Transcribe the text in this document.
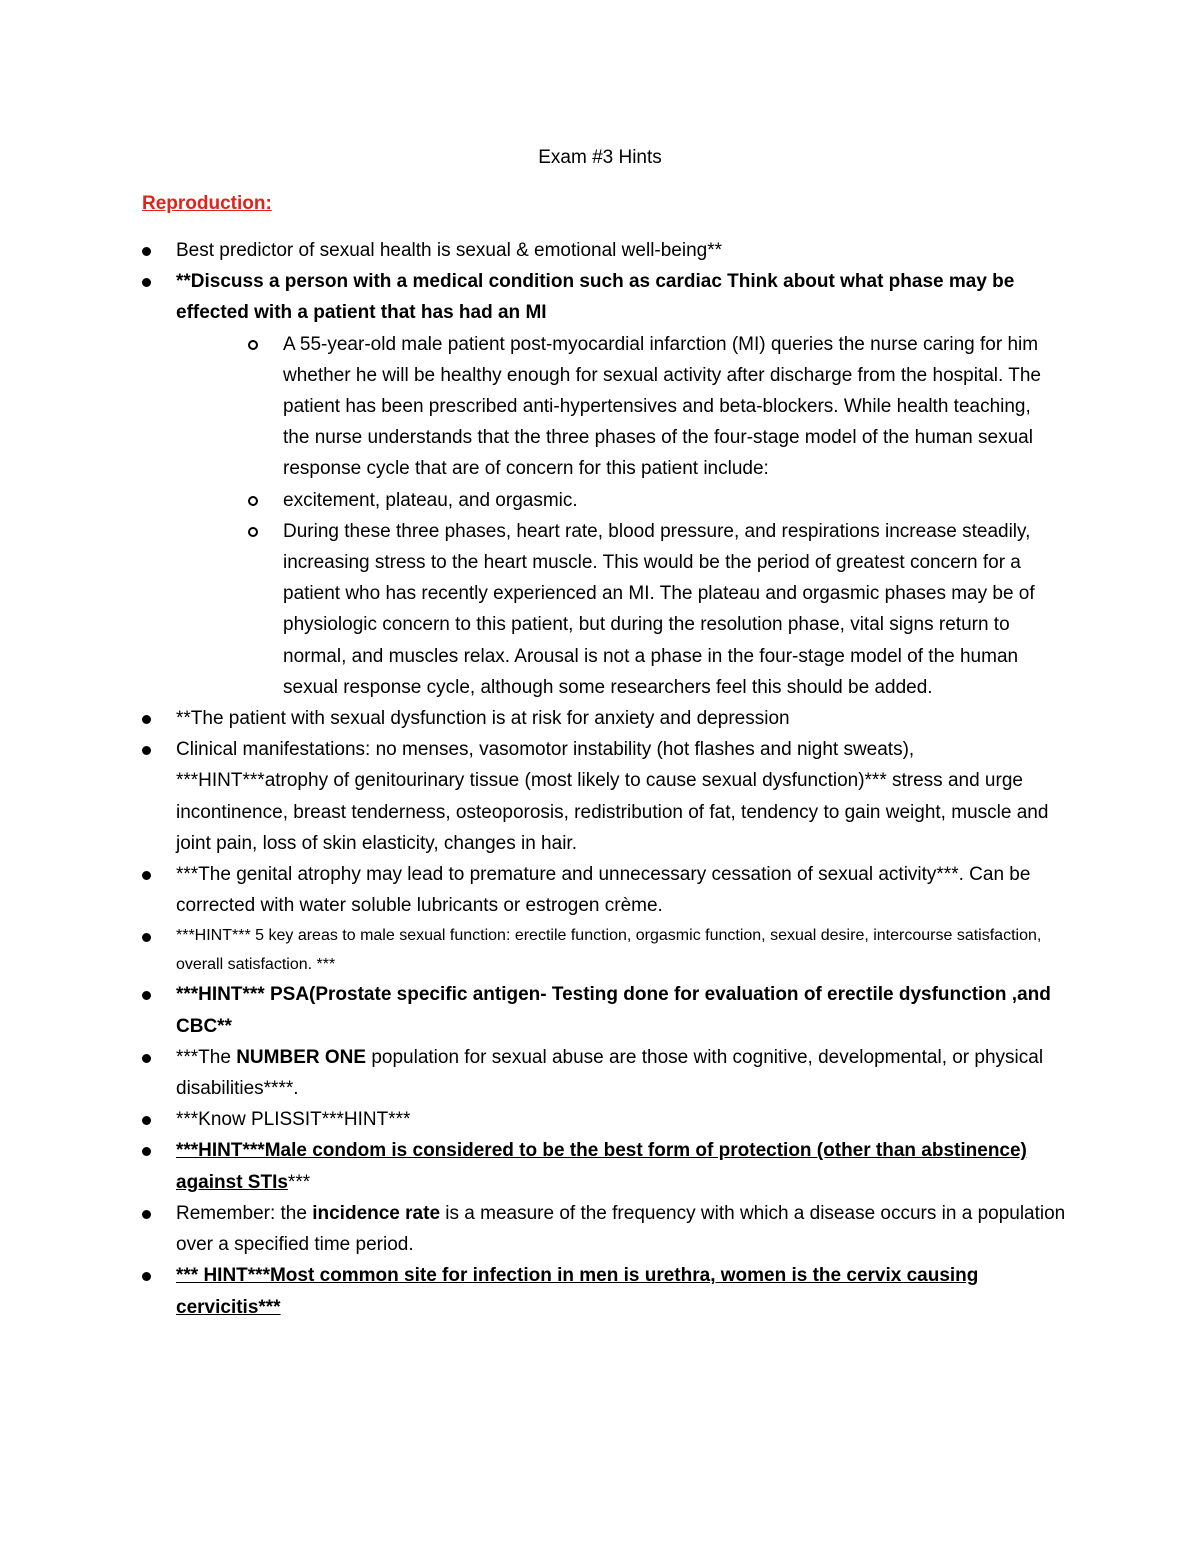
Exam #3 Hints
Reproduction:
Best predictor of sexual health is sexual & emotional well-being**
**Discuss a person with a medical condition such as cardiac Think about what phase may be effected with a patient that has had an MI
A 55-year-old male patient post-myocardial infarction (MI) queries the nurse caring for him whether he will be healthy enough for sexual activity after discharge from the hospital. The patient has been prescribed anti-hypertensives and beta-blockers. While health teaching, the nurse understands that the three phases of the four-stage model of the human sexual response cycle that are of concern for this patient include:
excitement, plateau, and orgasmic.
During these three phases, heart rate, blood pressure, and respirations increase steadily, increasing stress to the heart muscle. This would be the period of greatest concern for a patient who has recently experienced an MI. The plateau and orgasmic phases may be of physiologic concern to this patient, but during the resolution phase, vital signs return to normal, and muscles relax. Arousal is not a phase in the four-stage model of the human sexual response cycle, although some researchers feel this should be added.
**The patient with sexual dysfunction is at risk for anxiety and depression
Clinical manifestations: no menses, vasomotor instability (hot flashes and night sweats), ***HINT***atrophy of genitourinary tissue (most likely to cause sexual dysfunction)*** stress and urge incontinence, breast tenderness, osteoporosis, redistribution of fat, tendency to gain weight, muscle and joint pain, loss of skin elasticity, changes in hair.
***The genital atrophy may lead to premature and unnecessary cessation of sexual activity***. Can be corrected with water soluble lubricants or estrogen crème.
***HINT*** 5 key areas to male sexual function: erectile function, orgasmic function, sexual desire, intercourse satisfaction, overall satisfaction. ***
***HINT*** PSA(Prostate specific antigen- Testing done for evaluation of erectile dysfunction ,and CBC**
***The NUMBER ONE population for sexual abuse are those with cognitive, developmental, or physical disabilities****.
***Know PLISSIT***HINT***
***HINT***Male condom is considered to be the best form of protection (other than abstinence) against STIs***
Remember: the incidence rate is a measure of the frequency with which a disease occurs in a population over a specified time period.
*** HINT***Most common site for infection in men is urethra, women is the cervix causing cervicitis***
